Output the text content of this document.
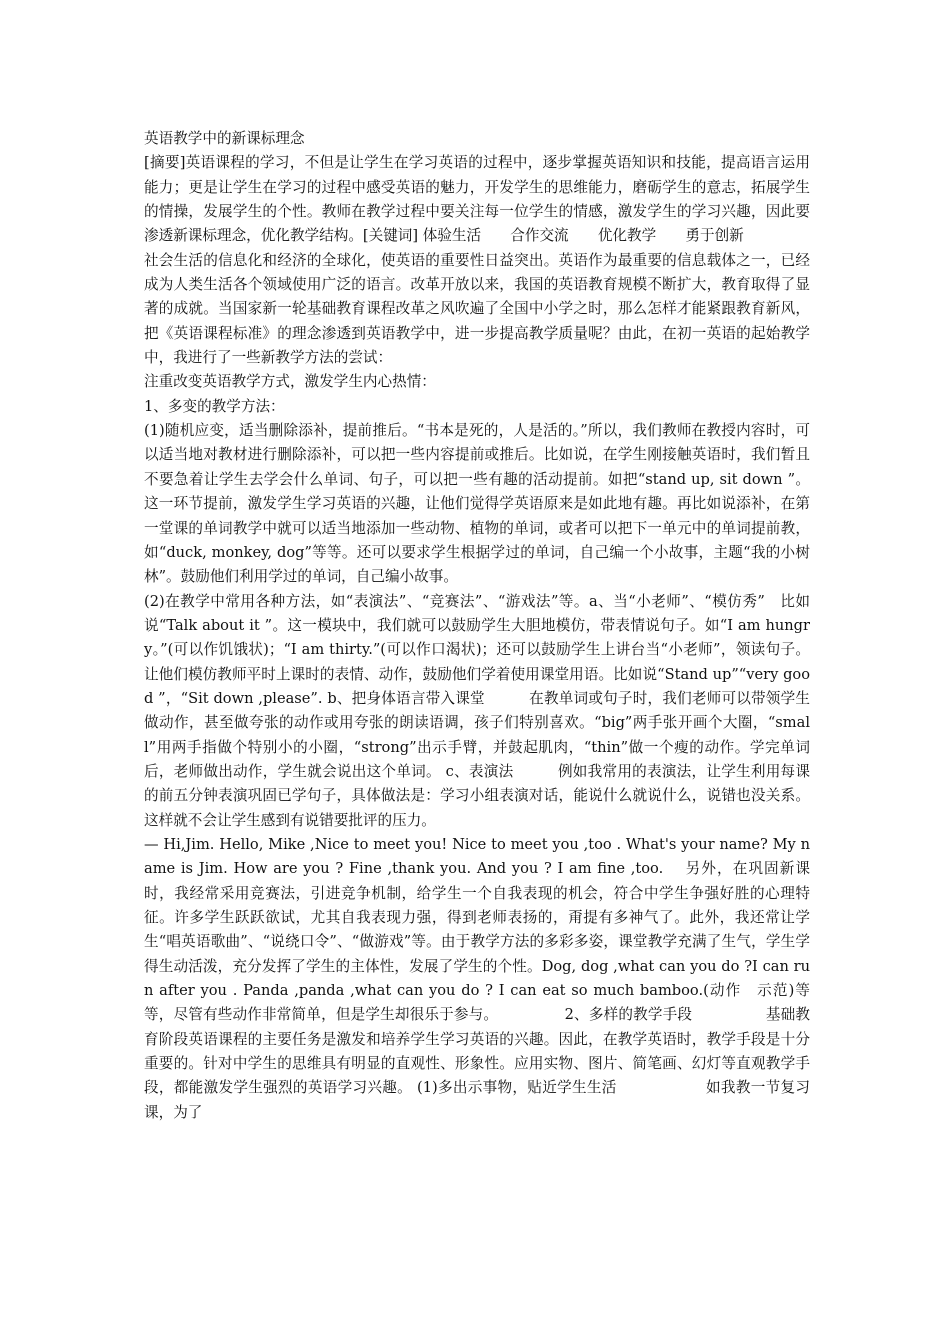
英语教学中的新课标理念

[摘要]英语课程的学习，不但是让学生在学习英语的过程中，逐步掌握英语知识和技能，提高语言运用能力；更是让学生在学习的过程中感受英语的魅力，开发学生的思维能力，磨砺学生的意志，拓展学生的情操，发展学生的个性。教师在教学过程中要关注每一位学生的情感，激发学生的学习兴趣，因此要渗透新课标理念，优化教学结构。[关键词] 体验生活　　合作交流　　优化教学　　勇于创新

社会生活的信息化和经济的全球化，使英语的重要性日益突出。英语作为最重要的信息载体之一，已经成为人类生活各个领域使用广泛的语言。改革开放以来，我国的英语教育规模不断扩大，教育取得了显著的成就。当国家新一轮基础教育课程改革之风吹遍了全国中小学之时，那么怎样才能紧跟教育新风，把《英语课程标准》的理念渗透到英语教学中，进一步提高教学质量呢？由此，在初一英语的起始教学中，我进行了一些新教学方法的尝试：

注重改变英语教学方式，激发学生内心热情：

1、多变的教学方法：

(1)随机应变，适当删除添补，提前推后。“书本是死的，人是活的。”所以，我们教师在教授内容时，可以适当地对教材进行删除添补，可以把一些内容提前或推后。比如说，在学生刚接触英语时，我们暂且不要急着让学生去学会什么单词、句子，可以把一些有趣的活动提前。如把“stand up, sit down ”。这一环节提前，激发学生学习英语的兴趣，让他们觉得学英语原来是如此地有趣。再比如说添补，在第一堂课的单词教学中就可以适当地添加一些动物、植物的单词，或者可以把下一单元中的单词提前教，如“duck, monkey, dog”等等。还可以要求学生根据学过的单词，自己编一个小故事，主题“我的小树林”。鼓励他们利用学过的单词，自己编小故事。

(2)在教学中常用各种方法，如“表演法”、“竞赛法”、“游戏法”等。a、当“小老师”、“模仿秀”　比如说“Talk about it ”。这一模块中，我们就可以鼓励学生大胆地模仿，带表情说句子。如“I am hungry。”(可以作饥饿状)；“I am thirty.”(可以作口渴状)；还可以鼓励学生上讲台当“小老师”，领读句子。让他们模仿教师平时上课时的表情、动作，鼓励他们学着使用课堂用语。比如说“Stand up”“very good ”，“Sit down ,please”. b、把身体语言带入课堂　　　在教单词或句子时，我们老师可以带领学生做动作，甚至做夸张的动作或用夸张的朗读语调，孩子们特别喜欢。“big”两手张开画个大圈，“small”用两手指做个特别小的小圈，“strong”出示手臂，并鼓起肌肉，“thin”做一个瘦的动作。学完单词后，老师做出动作，学生就会说出这个单词。 c、表演法　　　例如我常用的表演法，让学生利用每课的前五分钟表演巩固已学句子，具体做法是：学习小组表演对话，能说什么就说什么，说错也没关系。这样就不会让学生感到有说错要批评的压力。

— Hi,Jim. Hello, Mike ,Nice to meet you! Nice to meet you ,too . What's your name? My name is Jim. How are you ? Fine ,thank you. And you ? I am fine ,too.　 另外，在巩固新课时，我经常采用竞赛法，引进竞争机制，给学生一个自我表现的机会，符合中学生争强好胜的心理特征。许多学生跃跃欲试，尤其自我表现力强，得到老师表扬的，甭提有多神气了。此外，我还常让学生“唱英语歌曲”、“说绕口令”、“做游戏”等。由于教学方法的多彩多姿，课堂教学充满了生气，学生学得生动活泼，充分发挥了学生的主体性，发展了学生的个性。Dog, dog ,what can you do ?I can run after you . Panda ,panda ,what can you do ? I can eat so much bamboo.(动作　示范)等等，尽管有些动作非常简单，但是学生却很乐于参与。　　　　　2、多样的教学手段　　　　　基础教育阶段英语课程的主要任务是激发和培养学生学习英语的兴趣。因此，在教学英语时，教学手段是十分重要的。针对中学生的思维具有明显的直观性、形象性。应用实物、图片、简笔画、幻灯等直观教学手段，都能激发学生强烈的英语学习兴趣。 (1)多出示事物，贴近学生生活　　　　　　如我教一节复习课，为了
